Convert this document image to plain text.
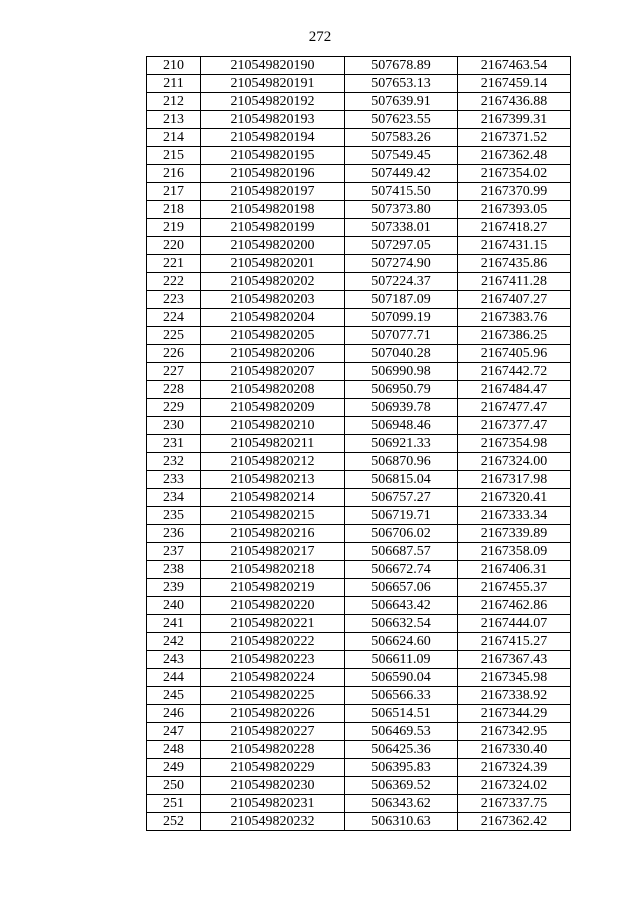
272
210	210549820190	507678.89	2167463.54
211	210549820191	507653.13	2167459.14
212	210549820192	507639.91	2167436.88
213	210549820193	507623.55	2167399.31
214	210549820194	507583.26	2167371.52
215	210549820195	507549.45	2167362.48
216	210549820196	507449.42	2167354.02
217	210549820197	507415.50	2167370.99
218	210549820198	507373.80	2167393.05
219	210549820199	507338.01	2167418.27
220	210549820200	507297.05	2167431.15
221	210549820201	507274.90	2167435.86
222	210549820202	507224.37	2167411.28
223	210549820203	507187.09	2167407.27
224	210549820204	507099.19	2167383.76
225	210549820205	507077.71	2167386.25
226	210549820206	507040.28	2167405.96
227	210549820207	506990.98	2167442.72
228	210549820208	506950.79	2167484.47
229	210549820209	506939.78	2167477.47
230	210549820210	506948.46	2167377.47
231	210549820211	506921.33	2167354.98
232	210549820212	506870.96	2167324.00
233	210549820213	506815.04	2167317.98
234	210549820214	506757.27	2167320.41
235	210549820215	506719.71	2167333.34
236	210549820216	506706.02	2167339.89
237	210549820217	506687.57	2167358.09
238	210549820218	506672.74	2167406.31
239	210549820219	506657.06	2167455.37
240	210549820220	506643.42	2167462.86
241	210549820221	506632.54	2167444.07
242	210549820222	506624.60	2167415.27
243	210549820223	506611.09	2167367.43
244	210549820224	506590.04	2167345.98
245	210549820225	506566.33	2167338.92
246	210549820226	506514.51	2167344.29
247	210549820227	506469.53	2167342.95
248	210549820228	506425.36	2167330.40
249	210549820229	506395.83	2167324.39
250	210549820230	506369.52	2167324.02
251	210549820231	506343.62	2167337.75
252	210549820232	506310.63	2167362.42
